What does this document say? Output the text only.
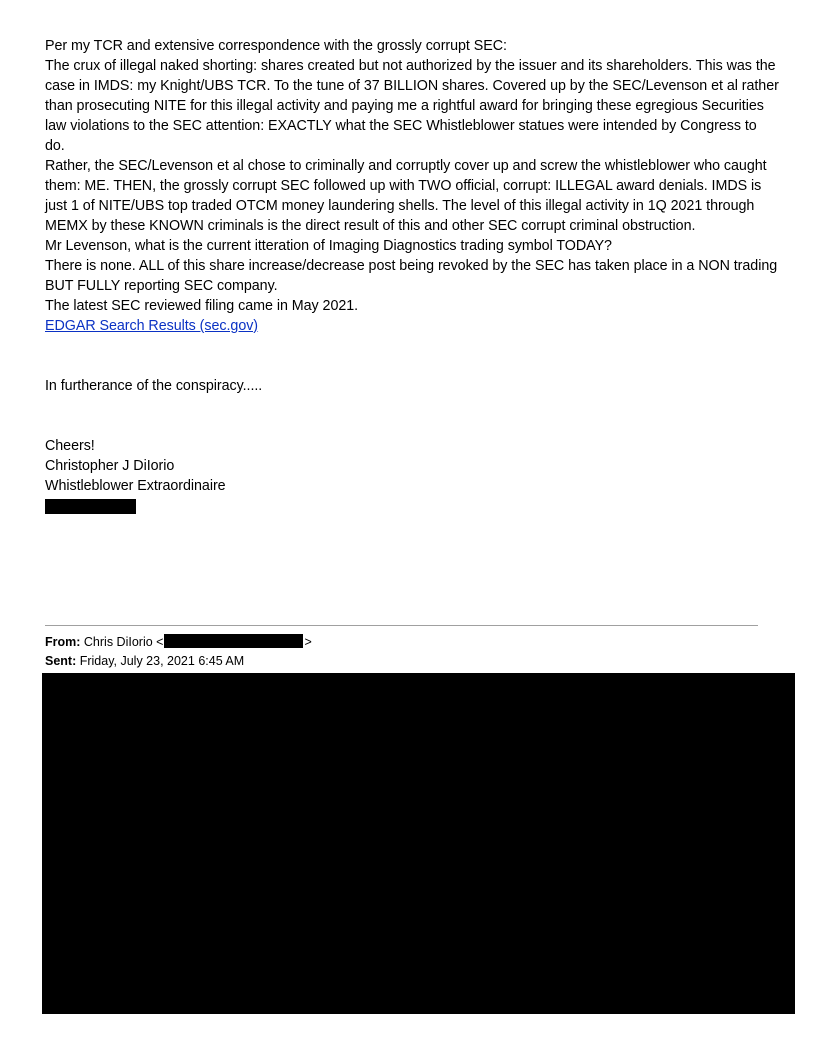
Per my TCR and extensive correspondence with the grossly corrupt SEC:

The crux of illegal naked shorting: shares created but not authorized by the issuer and its shareholders. This was the case in IMDS: my Knight/UBS TCR. To the tune of 37 BILLION shares. Covered up by the SEC/Levenson et al rather than prosecuting NITE for this illegal activity and paying me a rightful award for bringing these egregious Securities law violations to the SEC attention: EXACTLY what the SEC Whistleblower statues were intended by Congress to do.

Rather, the SEC/Levenson et al chose to criminally and corruptly cover up and screw the whistleblower who caught them: ME. THEN, the grossly corrupt SEC followed up with TWO official, corrupt: ILLEGAL award denials. IMDS is just 1 of NITE/UBS top traded OTCM money laundering shells. The level of this illegal activity in 1Q 2021 through MEMX by these KNOWN criminals is the direct result of this and other SEC corrupt criminal obstruction.

Mr Levenson, what is the current itteration of Imaging Diagnostics trading symbol TODAY?

There is none. ALL of this share increase/decrease post being revoked by the SEC has taken place in a NON trading BUT FULLY reporting SEC company.

The latest SEC reviewed filing came in May 2021.

EDGAR Search Results (sec.gov)

In furtherance of the conspiracy.....

Cheers!

Christopher J DiIorio

Whistleblower Extraordinaire

From: Chris DiIorio <	>
Sent: Friday, July 23, 2021 6:45 AM
